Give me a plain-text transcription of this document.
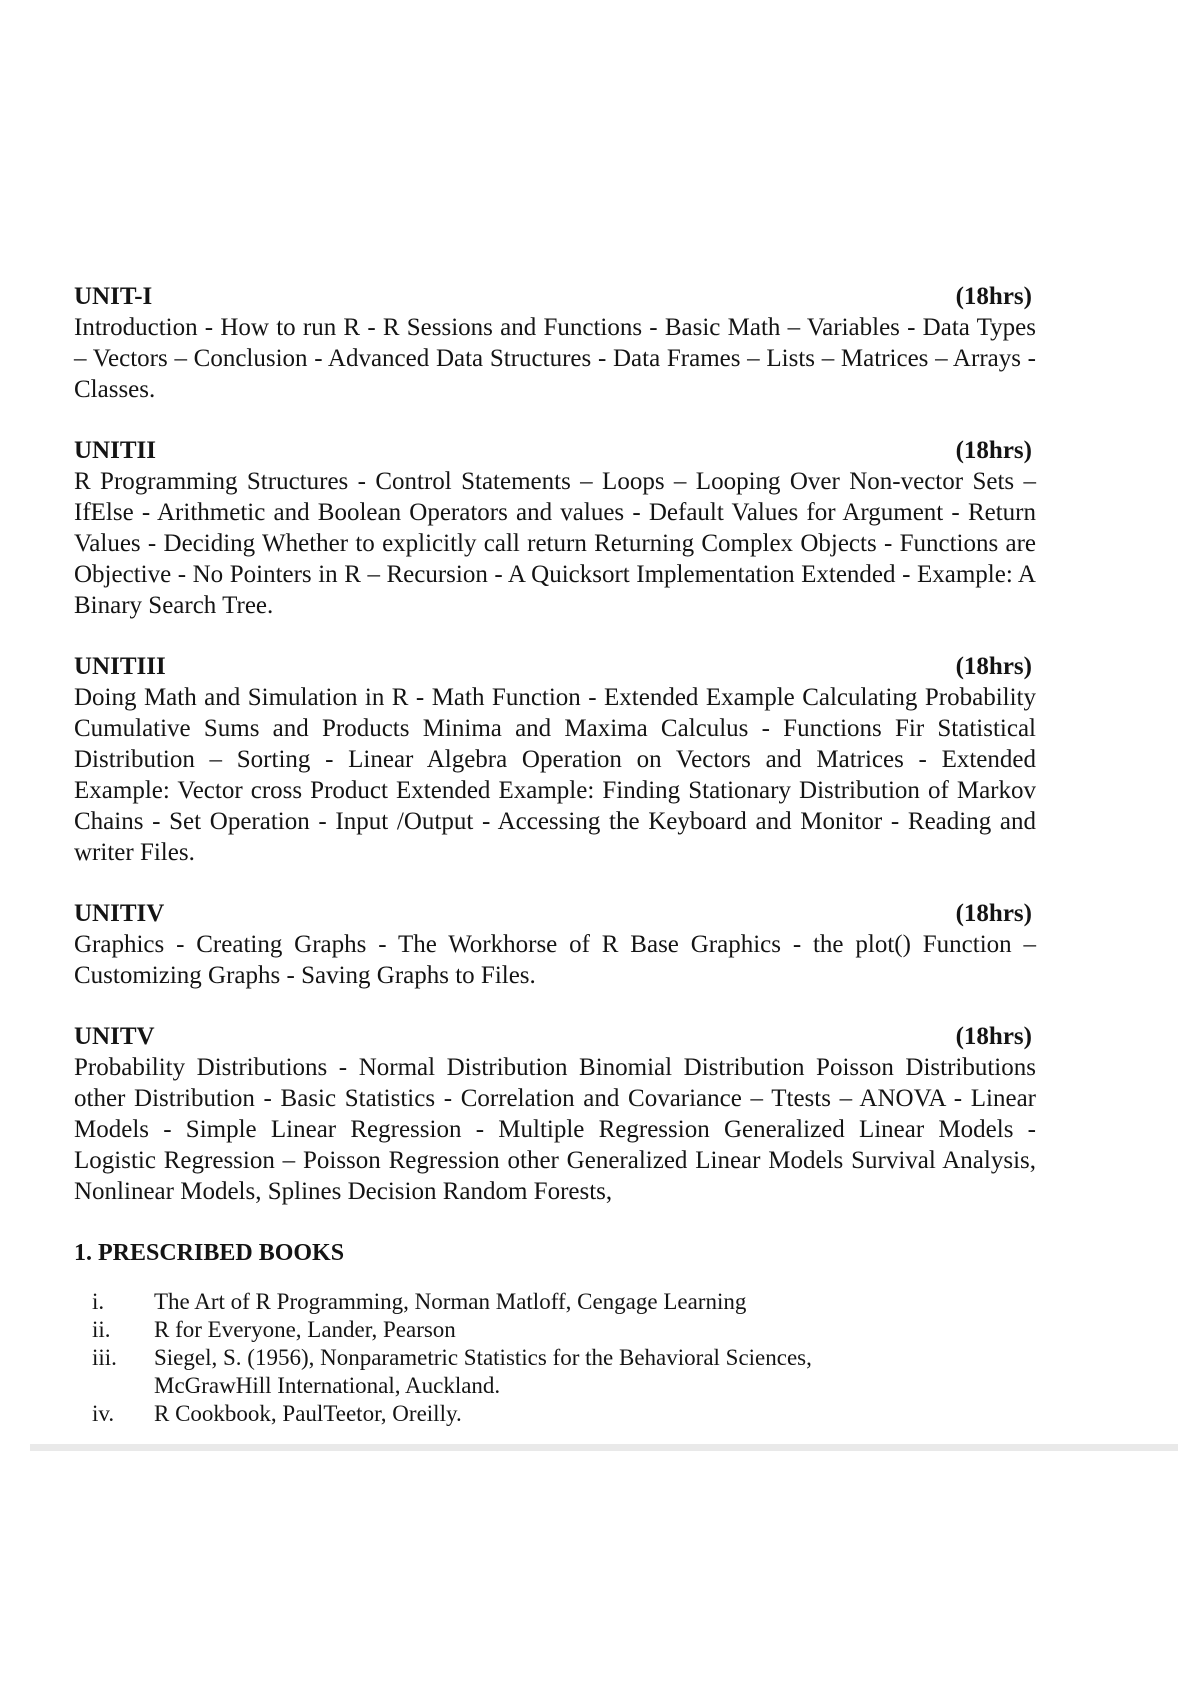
UNIT-I	(18hrs)

Introduction - How to run R - R Sessions and Functions - Basic Math – Variables - Data Types – Vectors – Conclusion - Advanced Data Structures - Data Frames – Lists – Matrices – Arrays - Classes.

UNITII	(18hrs)

R Programming Structures - Control Statements – Loops – Looping Over Non-vector Sets – IfElse - Arithmetic and Boolean Operators and values - Default Values for Argument - Return Values - Deciding Whether to explicitly call return Returning Complex Objects - Functions are Objective - No Pointers in R – Recursion - A Quicksort Implementation Extended - Example: A Binary Search Tree.

UNITIII	(18hrs)

Doing Math and Simulation in R - Math Function - Extended Example Calculating Probability Cumulative Sums and Products Minima and Maxima Calculus - Functions Fir Statistical Distribution – Sorting - Linear Algebra Operation on Vectors and Matrices - Extended Example: Vector cross Product Extended Example: Finding Stationary Distribution of Markov Chains - Set Operation - Input /Output - Accessing the Keyboard and Monitor - Reading and writer Files.

UNITIV	(18hrs)

Graphics - Creating Graphs - The Workhorse of R Base Graphics - the plot() Function – Customizing Graphs - Saving Graphs to Files.

UNITV	(18hrs)

Probability Distributions - Normal Distribution Binomial Distribution Poisson Distributions other Distribution - Basic Statistics - Correlation and Covariance – Ttests – ANOVA - Linear Models - Simple Linear Regression - Multiple Regression Generalized Linear Models - Logistic Regression – Poisson Regression other Generalized Linear Models Survival Analysis, Nonlinear Models, Splines Decision Random Forests,

1. PRESCRIBED BOOKS
i.	The Art of R Programming, Norman Matloff, Cengage Learning
ii.	R for Everyone, Lander, Pearson
iii.	Siegel, S. (1956), Nonparametric Statistics for the Behavioral Sciences, McGrawHill International, Auckland.
iv.	R Cookbook, PaulTeetor, Oreilly.
